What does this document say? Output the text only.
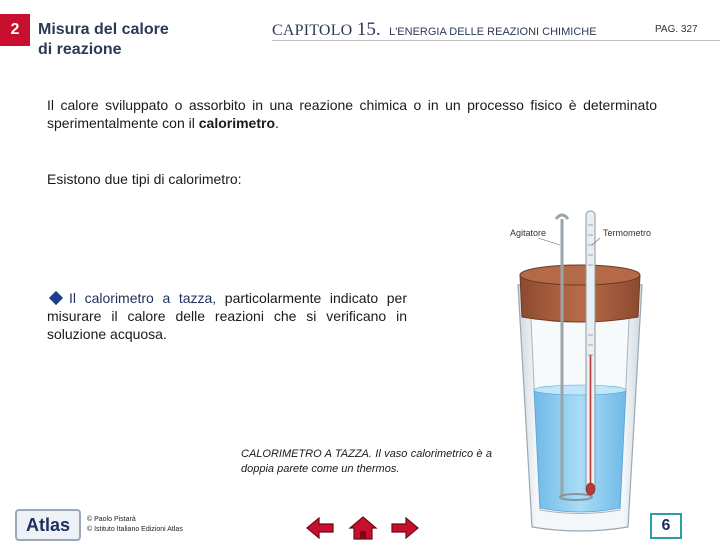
2	Misura del calore
di reazione
CAPITOLO 15. L'ENERGIA DELLE REAZIONI CHIMICHE	PAG. 327
Il calore sviluppato o assorbito in una reazione chimica o in un processo fisico è determinato sperimentalmente con il calorimetro.
Esistono due tipi di calorimetro:
Il calorimetro a tazza, particolarmente indicato per misurare il calore delle reazioni che si verificano in soluzione acquosa.
Agitatore	Termometro
CALORIMETRO A TAZZA. Il vaso calorimetrico è a doppia parete come un thermos.
Atlas © Paolo Pistarà
© Istituto Italiano Edizioni Atlas	6
